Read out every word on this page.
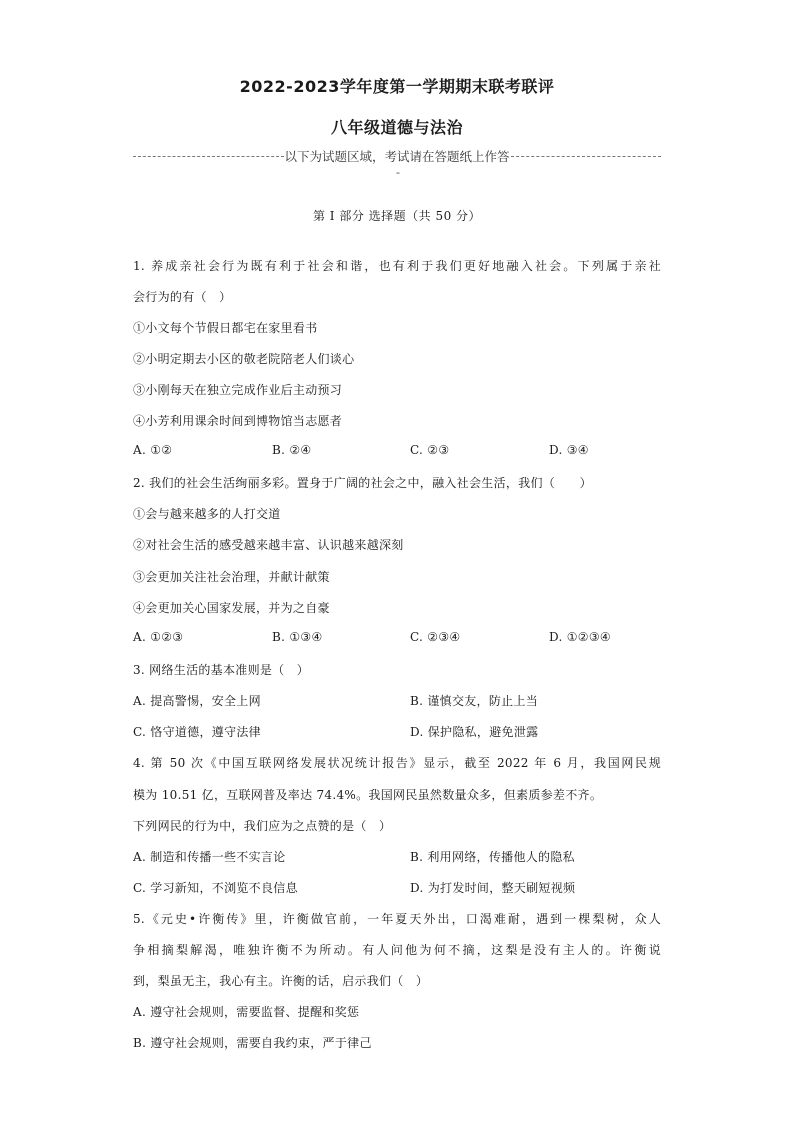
2022-2023学年度第一学期期末联考联评
八年级道德与法治
以下为试题区域，考试请在答题纸上作答
-
第 I 部分 选择题（共 50 分）
1. 养成亲社会行为既有利于社会和谐，也有利于我们更好地融入社会。下列属于亲社
会行为的有（　）
①小文每个节假日都宅在家里看书
②小明定期去小区的敬老院陪老人们谈心
③小刚每天在独立完成作业后主动预习
④小芳利用课余时间到博物馆当志愿者
A. ①②	B. ②④	C. ②③	D. ③④
2. 我们的社会生活绚丽多彩。置身于广阔的社会之中，融入社会生活，我们（　　）
①会与越来越多的人打交道
②对社会生活的感受越来越丰富、认识越来越深刻
③会更加关注社会治理，并献计献策
④会更加关心国家发展，并为之自豪
A. ①②③	B. ①③④	C. ②③④	D. ①②③④
3. 网络生活的基本准则是（　）
A. 提高警惕，安全上网	B. 谨慎交友，防止上当
C. 恪守道德，遵守法律	D. 保护隐私，避免泄露
4. 第 50 次《中国互联网络发展状况统计报告》显示，截至 2022 年 6 月，我国网民规
模为 10.51 亿，互联网普及率达 74.4%。我国网民虽然数量众多，但素质参差不齐。
下列网民的行为中，我们应为之点赞的是（　）
A. 制造和传播一些不实言论	B. 利用网络，传播他人的隐私
C. 学习新知，不浏览不良信息	D. 为打发时间，整天刷短视频
5.《元史•许衡传》里，许衡做官前，一年夏天外出，口渴难耐，遇到一棵梨树，众人
争相摘梨解渴，唯独许衡不为所动。有人问他为何不摘，这梨是没有主人的。许衡说
到，梨虽无主，我心有主。许衡的话，启示我们（　）
A. 遵守社会规则，需要监督、提醒和奖惩
B. 遵守社会规则，需要自我约束，严于律己
